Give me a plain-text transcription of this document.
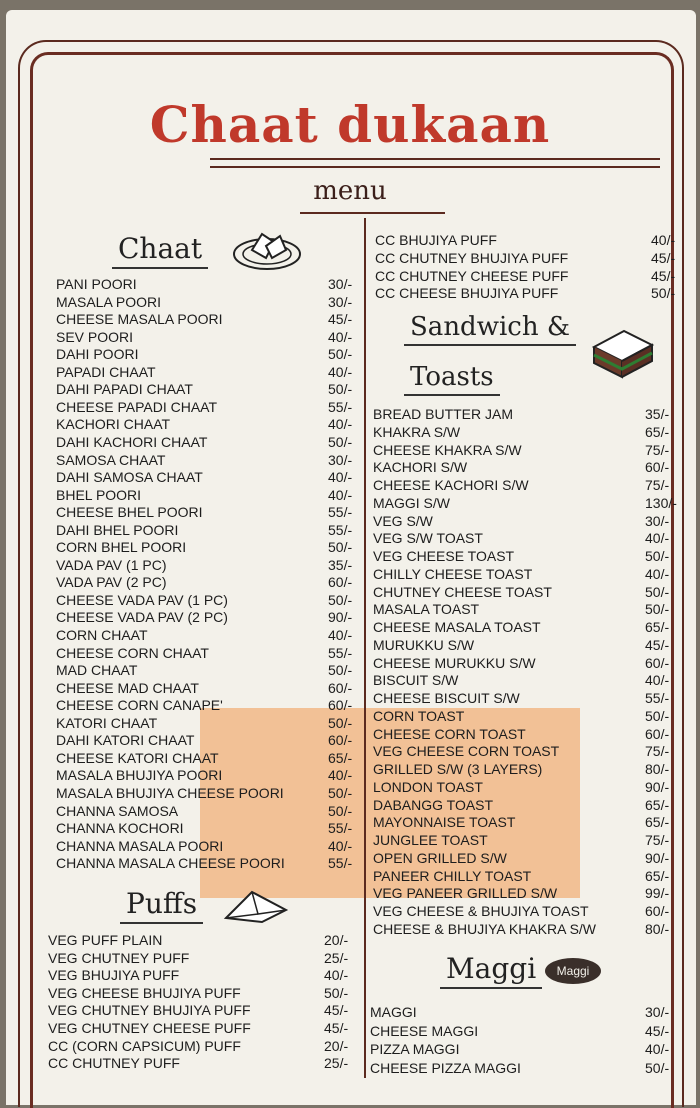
Chaat dukaan
menu
Chaat
PANI POORI	30/-
MASALA POORI	30/-
CHEESE MASALA POORI	45/-
SEV POORI	40/-
DAHI POORI	50/-
PAPADI CHAAT	40/-
DAHI PAPADI CHAAT	50/-
CHEESE PAPADI CHAAT	55/-
KACHORI CHAAT	40/-
DAHI KACHORI CHAAT	50/-
SAMOSA CHAAT	30/-
DAHI SAMOSA CHAAT	40/-
BHEL POORI	40/-
CHEESE BHEL POORI	55/-
DAHI BHEL POORI	55/-
CORN BHEL POORI	50/-
VADA PAV (1 PC)	35/-
VADA PAV (2 PC)	60/-
CHEESE VADA PAV (1 PC)	50/-
CHEESE VADA PAV (2 PC)	90/-
CORN CHAAT	40/-
CHEESE CORN CHAAT	55/-
MAD CHAAT	50/-
CHEESE MAD CHAAT	60/-
CHEESE CORN CANAPE'	60/-
KATORI CHAAT	50/-
DAHI KATORI CHAAT	60/-
CHEESE KATORI CHAAT	65/-
MASALA BHUJIYA POORI	40/-
MASALA BHUJIYA CHEESE POORI	50/-
CHANNA SAMOSA	50/-
CHANNA KOCHORI	55/-
CHANNA MASALA POORI	40/-
CHANNA MASALA CHEESE POORI	55/-
Puffs
VEG PUFF PLAIN	20/-
VEG CHUTNEY PUFF	25/-
VEG BHUJIYA PUFF	40/-
VEG CHEESE BHUJIYA PUFF	50/-
VEG CHUTNEY BHUJIYA PUFF	45/-
VEG CHUTNEY CHEESE PUFF	45/-
CC (CORN CAPSICUM) PUFF	20/-
CC CHUTNEY PUFF	25/-
CC BHUJIYA PUFF	40/-
CC CHUTNEY BHUJIYA PUFF	45/-
CC CHUTNEY CHEESE PUFF	45/-
CC CHEESE BHUJIYA PUFF	50/-
Sandwich &
Toasts
BREAD BUTTER JAM	35/-
KHAKRA S/W	65/-
CHEESE KHAKRA S/W	75/-
KACHORI S/W	60/-
CHEESE KACHORI S/W	75/-
MAGGI S/W	130/-
VEG S/W	30/-
VEG S/W TOAST	40/-
VEG CHEESE TOAST	50/-
CHILLY CHEESE TOAST	40/-
CHUTNEY CHEESE TOAST	50/-
MASALA TOAST	50/-
CHEESE MASALA TOAST	65/-
MURUKKU S/W	45/-
CHEESE MURUKKU S/W	60/-
BISCUIT S/W	40/-
CHEESE BISCUIT S/W	55/-
CORN TOAST	50/-
CHEESE CORN TOAST	60/-
VEG CHEESE CORN TOAST	75/-
GRILLED S/W (3 LAYERS)	80/-
LONDON TOAST	90/-
DABANGG TOAST	65/-
MAYONNAISE TOAST	65/-
JUNGLEE TOAST	75/-
OPEN GRILLED S/W	90/-
PANEER CHILLY TOAST	65/-
VEG PANEER GRILLED S/W	99/-
VEG CHEESE & BHUJIYA TOAST	60/-
CHEESE & BHUJIYA KHAKRA S/W	80/-
Maggi	Maggi
MAGGI	30/-
CHEESE MAGGI	45/-
PIZZA MAGGI	40/-
CHEESE PIZZA MAGGI	50/-
